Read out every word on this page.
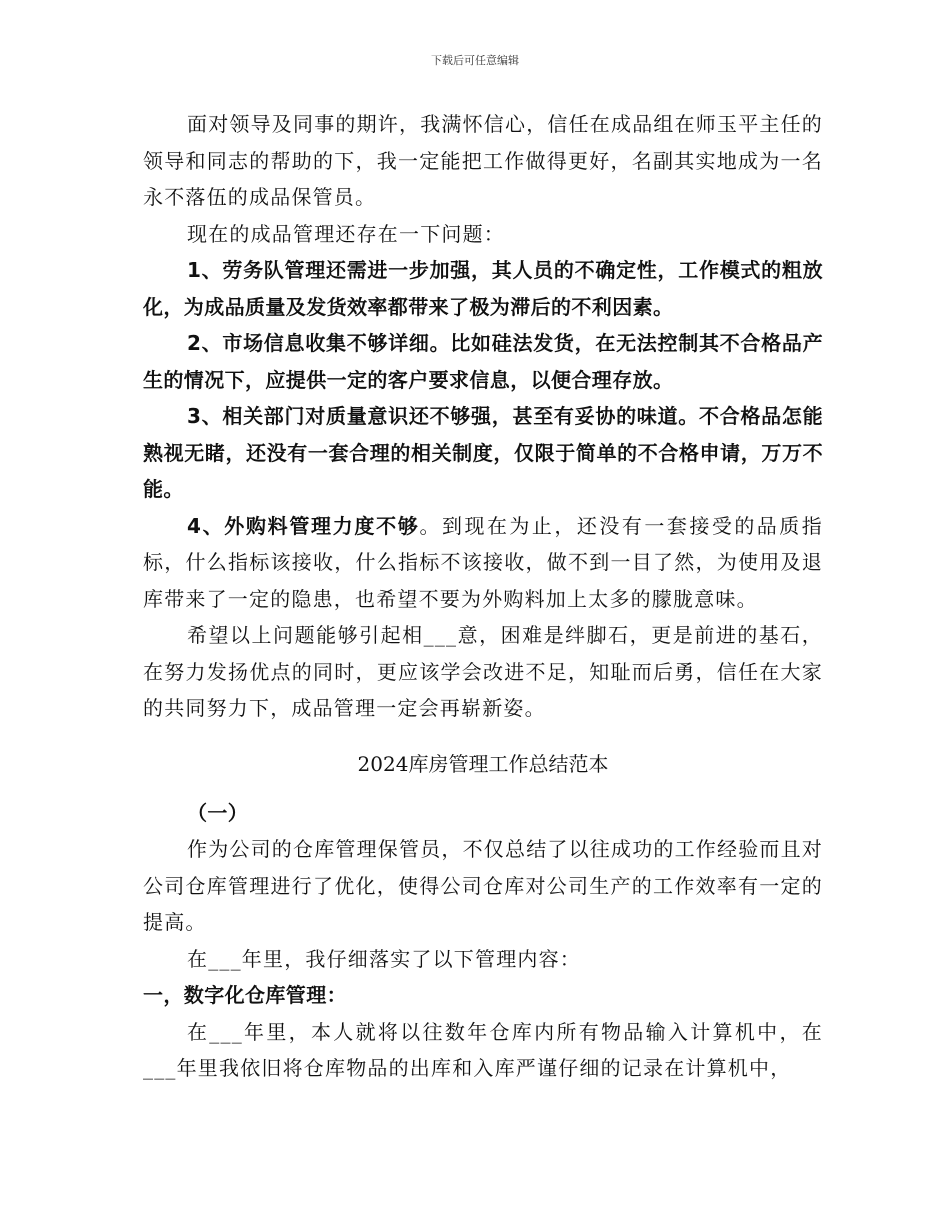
下载后可任意编辑

面对领导及同事的期许，我满怀信心，信任在成品组在师玉平主任的领导和同志的帮助的下，我一定能把工作做得更好，名副其实地成为一名永不落伍的成品保管员。

现在的成品管理还存在一下问题：

1、劳务队管理还需进一步加强，其人员的不确定性，工作模式的粗放化，为成品质量及发货效率都带来了极为滞后的不利因素。

2、市场信息收集不够详细。比如硅法发货，在无法控制其不合格品产生的情况下，应提供一定的客户要求信息，以便合理存放。

3、相关部门对质量意识还不够强，甚至有妥协的味道。不合格品怎能熟视无睹，还没有一套合理的相关制度，仅限于简单的不合格申请，万万不能。

4、外购料管理力度不够。到现在为止，还没有一套接受的品质指标，什么指标该接收，什么指标不该接收，做不到一目了然，为使用及退库带来了一定的隐患，也希望不要为外购料加上太多的朦胧意味。

希望以上问题能够引起相___意，困难是绊脚石，更是前进的基石，在努力发扬优点的同时，更应该学会改进不足，知耻而后勇，信任在大家的共同努力下，成品管理一定会再崭新姿。

2024库房管理工作总结范本

（一）

作为公司的仓库管理保管员，不仅总结了以往成功的工作经验而且对公司仓库管理进行了优化，使得公司仓库对公司生产的工作效率有一定的提高。

在___年里，我仔细落实了以下管理内容：

一，数字化仓库管理：

在___年里，本人就将以往数年仓库内所有物品输入计算机中，在___年里我依旧将仓库物品的出库和入库严谨仔细的记录在计算机中，
